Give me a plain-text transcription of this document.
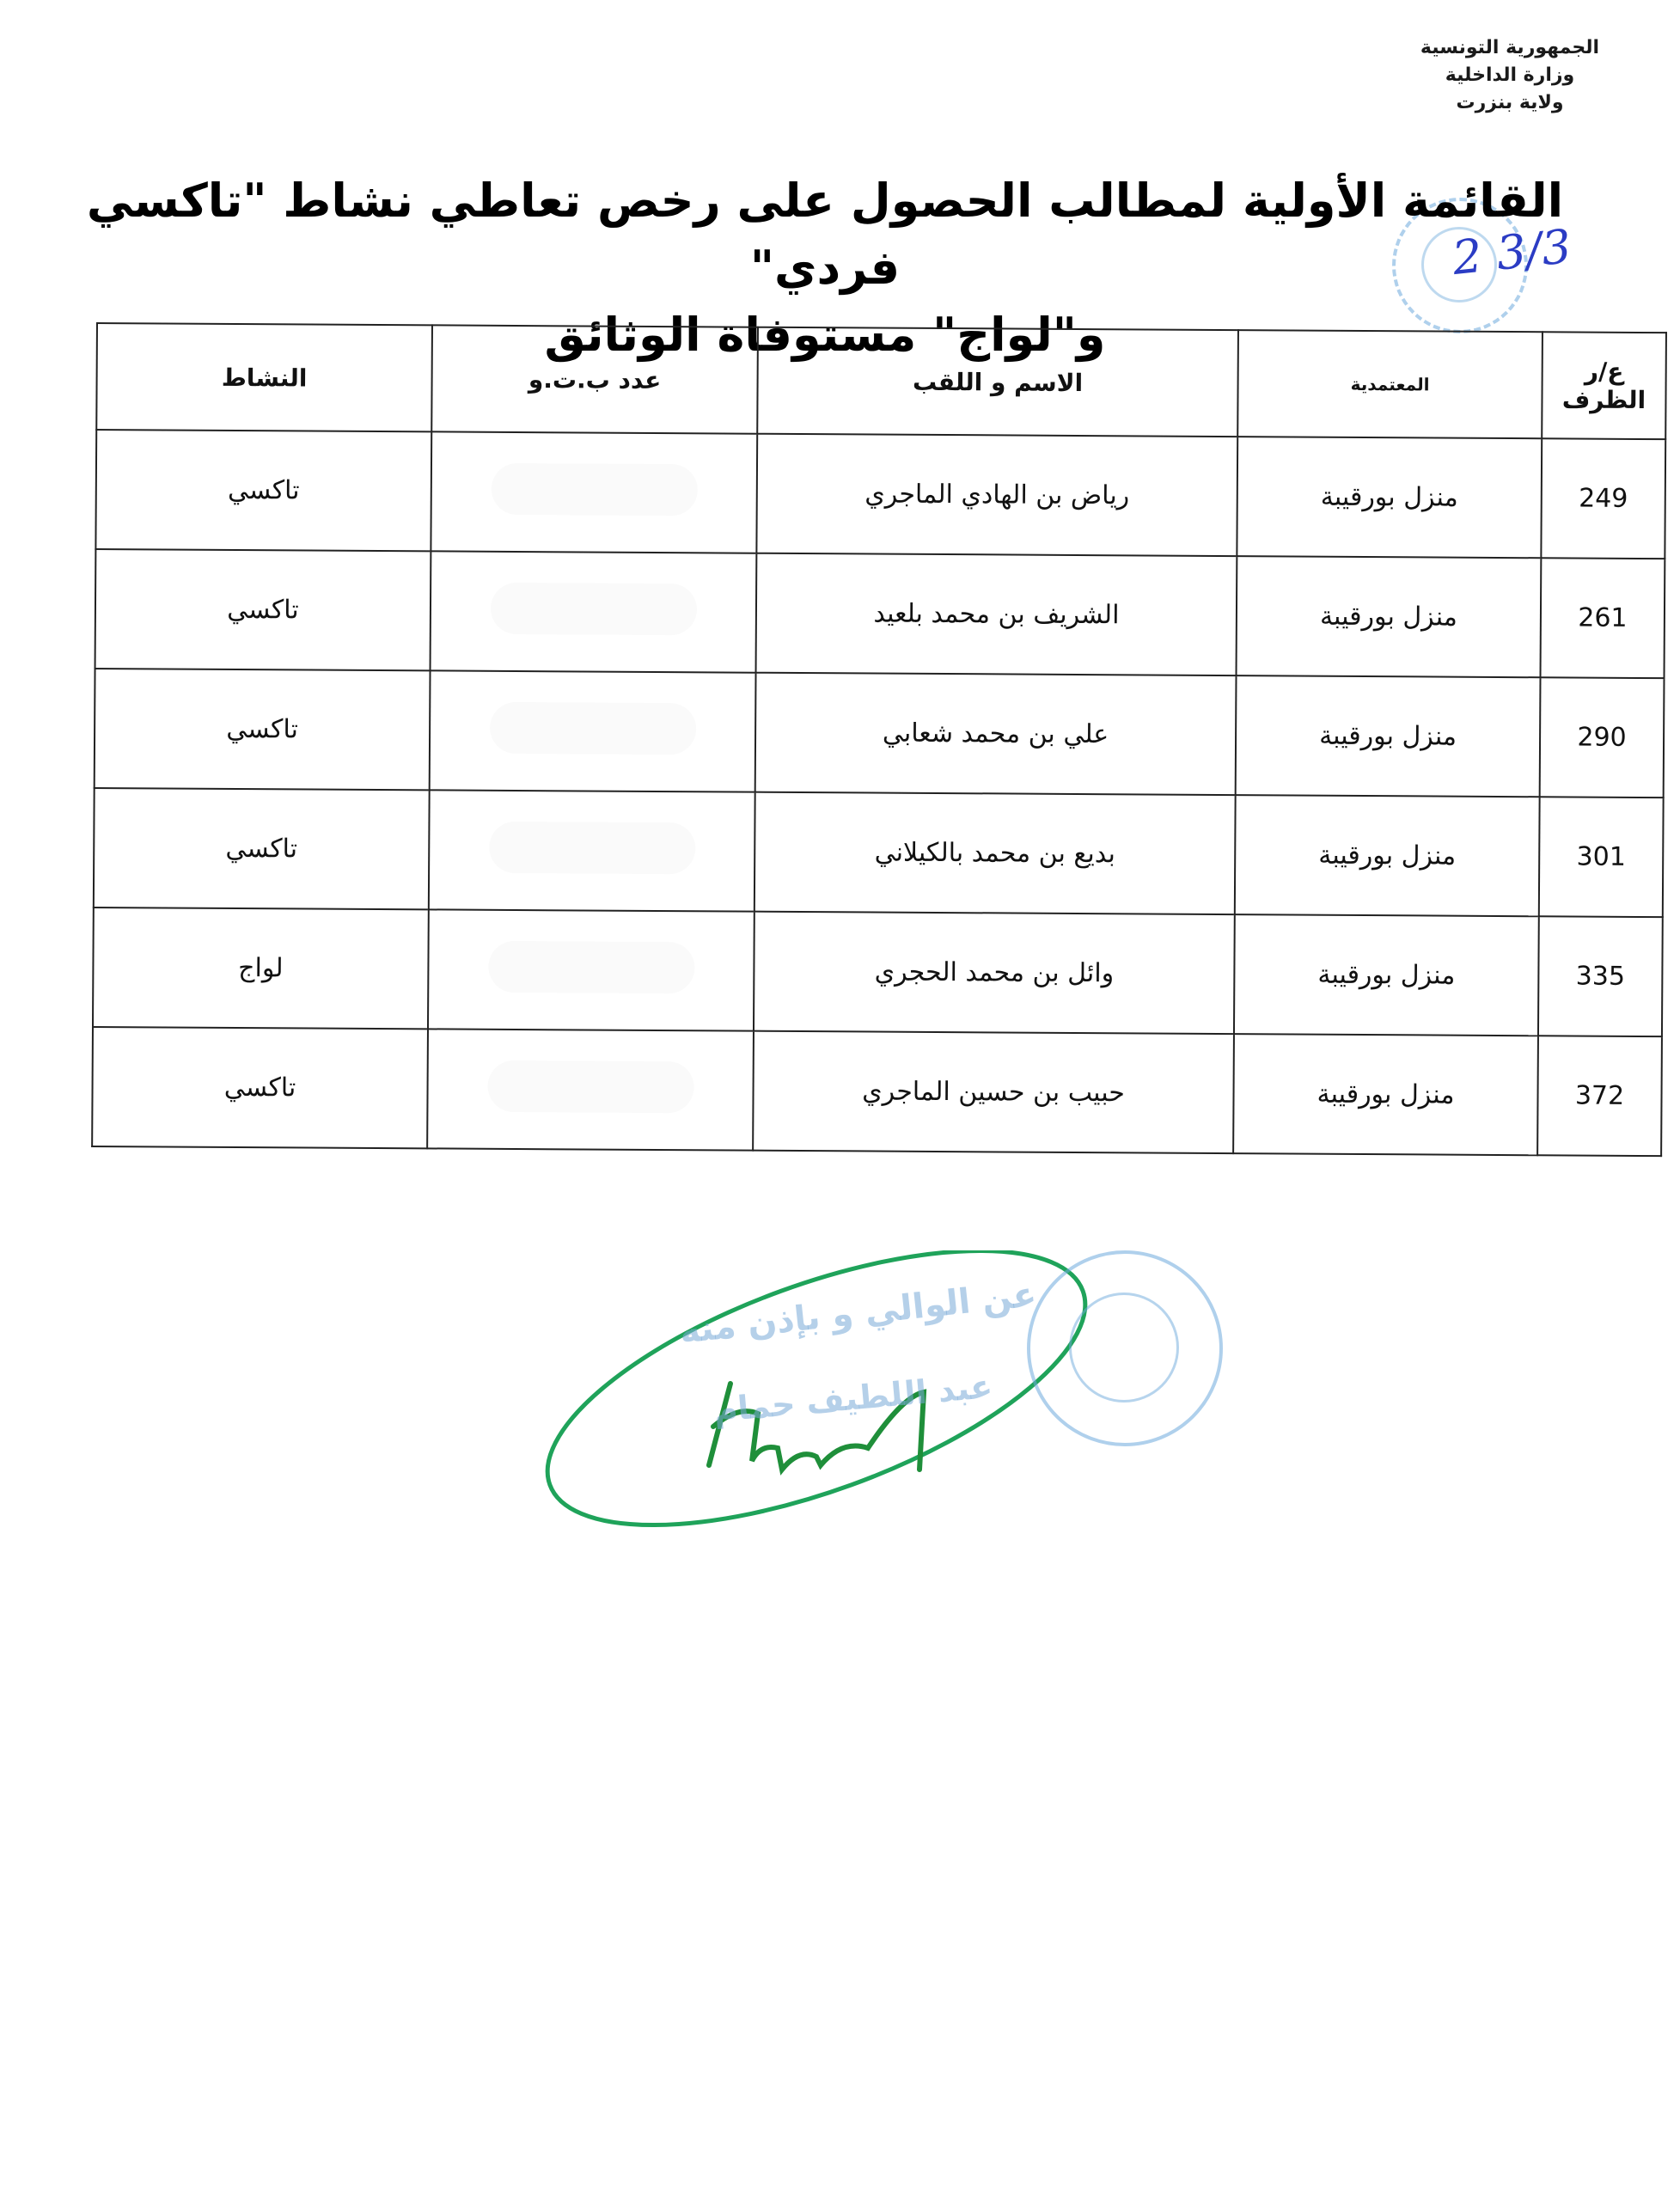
الجمهورية التونسية
وزارة الداخلية
ولاية بنزرت
القائمة الأولية لمطالب الحصول على رخص تعاطي نشاط "تاكسي فردي"
و"لواج" مستوفاة الوثائق
2 3/3
ع/ر الظرف	المعتمدية	الاسم و اللقب	عدد ب.ت.و	النشاط
249	منزل بورقيبة	رياض بن الهادي الماجري		تاكسي
261	منزل بورقيبة	الشريف بن محمد بلعيد		تاكسي
290	منزل بورقيبة	علي بن محمد شعابي		تاكسي
301	منزل بورقيبة	بديع بن محمد بالكيلاني		تاكسي
335	منزل بورقيبة	وائل بن محمد الحجري		لواج
372	منزل بورقيبة	حبيب بن حسين الماجري		تاكسي
عن الوالي و بإذن منه
عبد اللطيف حمام
